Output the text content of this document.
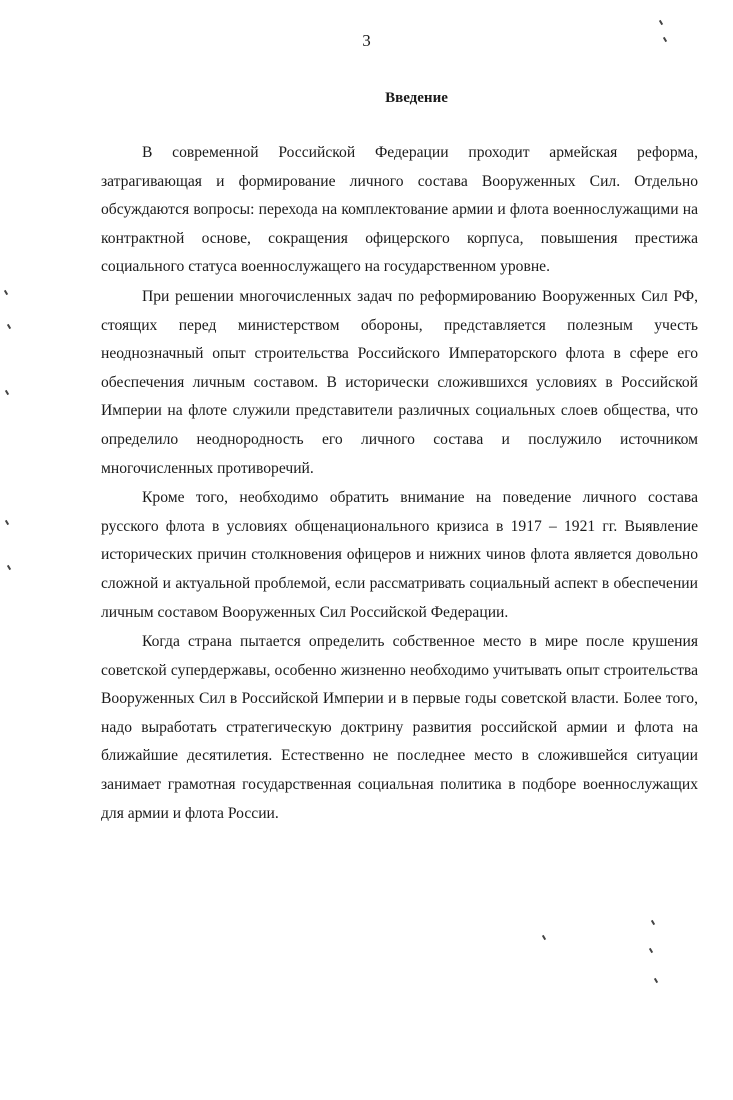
3
Введение

В современной Российской Федерации проходит армейская реформа, затрагивающая и формирование личного состава Вооруженных Сил. Отдельно обсуждаются вопросы: перехода на комплектование армии и флота военнослужащими на контрактной основе, сокращения офицерского корпуса, повышения престижа социального статуса военнослужащего на государственном уровне.

При решении многочисленных задач по реформированию Вооруженных Сил РФ, стоящих перед министерством обороны, представляется полезным учесть неоднозначный опыт строительства Российского Императорского флота в сфере его обеспечения личным составом. В исторически сложившихся условиях в Российской Империи на флоте служили представители различных социальных слоев общества, что определило неоднородность его личного состава и послужило источником многочисленных противоречий.

Кроме того, необходимо обратить внимание на поведение личного состава русского флота в условиях общенационального кризиса в 1917 – 1921 гг. Выявление исторических причин столкновения офицеров и нижних чинов флота является довольно сложной и актуальной проблемой, если рассматривать социальный аспект в обеспечении личным составом Вооруженных Сил Российской Федерации.

Когда страна пытается определить собственное место в мире после крушения советской супердержавы, особенно жизненно необходимо учитывать опыт строительства Вооруженных Сил в Российской Империи и в первые годы советской власти. Более того, надо выработать стратегическую доктрину развития российской армии и флота на ближайшие десятилетия. Естественно не последнее место в сложившейся ситуации занимает грамотная государственная социальная политика в подборе военнослужащих для армии и флота России.
